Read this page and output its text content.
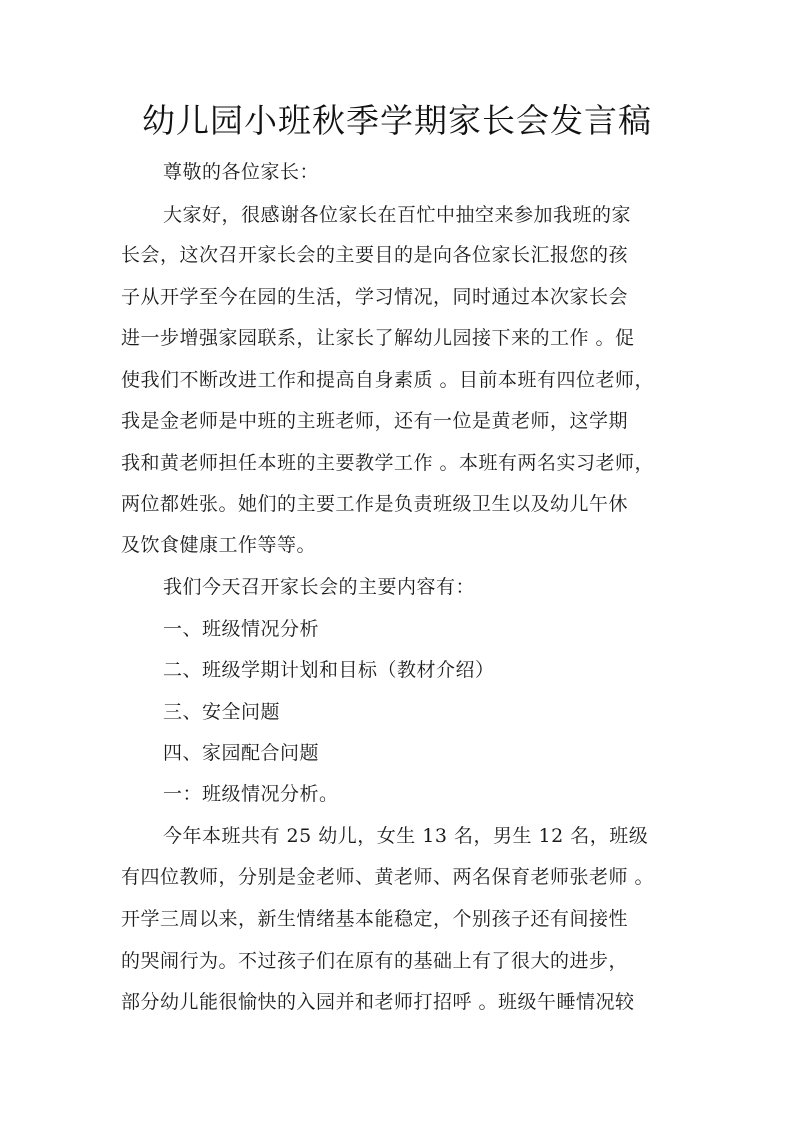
幼儿园小班秋季学期家长会发言稿
尊敬的各位家长：
大家好，很感谢各位家长在百忙中抽空来参加我班的家
长会，这次召开家长会的主要目的是向各位家长汇报您的孩
子从开学至今在园的生活，学习情况，同时通过本次家长会
进一步增强家园联系，让家长了解幼儿园接下来的工作 。促
使我们不断改进工作和提高自身素质 。目前本班有四位老师，
我是金老师是中班的主班老师，还有一位是黄老师，这学期
我和黄老师担任本班的主要教学工作 。本班有两名实习老师，
两位都姓张。她们的主要工作是负责班级卫生以及幼儿午休
及饮食健康工作等等。
我们今天召开家长会的主要内容有：
一、班级情况分析
二、班级学期计划和目标（教材介绍）
三、安全问题
四、家园配合问题
一：班级情况分析。
今年本班共有 25 幼儿，女生 13 名，男生 12 名，班级
有四位教师，分别是金老师、黄老师、两名保育老师张老师 。
开学三周以来，新生情绪基本能稳定，个别孩子还有间接性
的哭闹行为。不过孩子们在原有的基础上有了很大的进步，
部分幼儿能很愉快的入园并和老师打招呼 。班级午睡情况较
